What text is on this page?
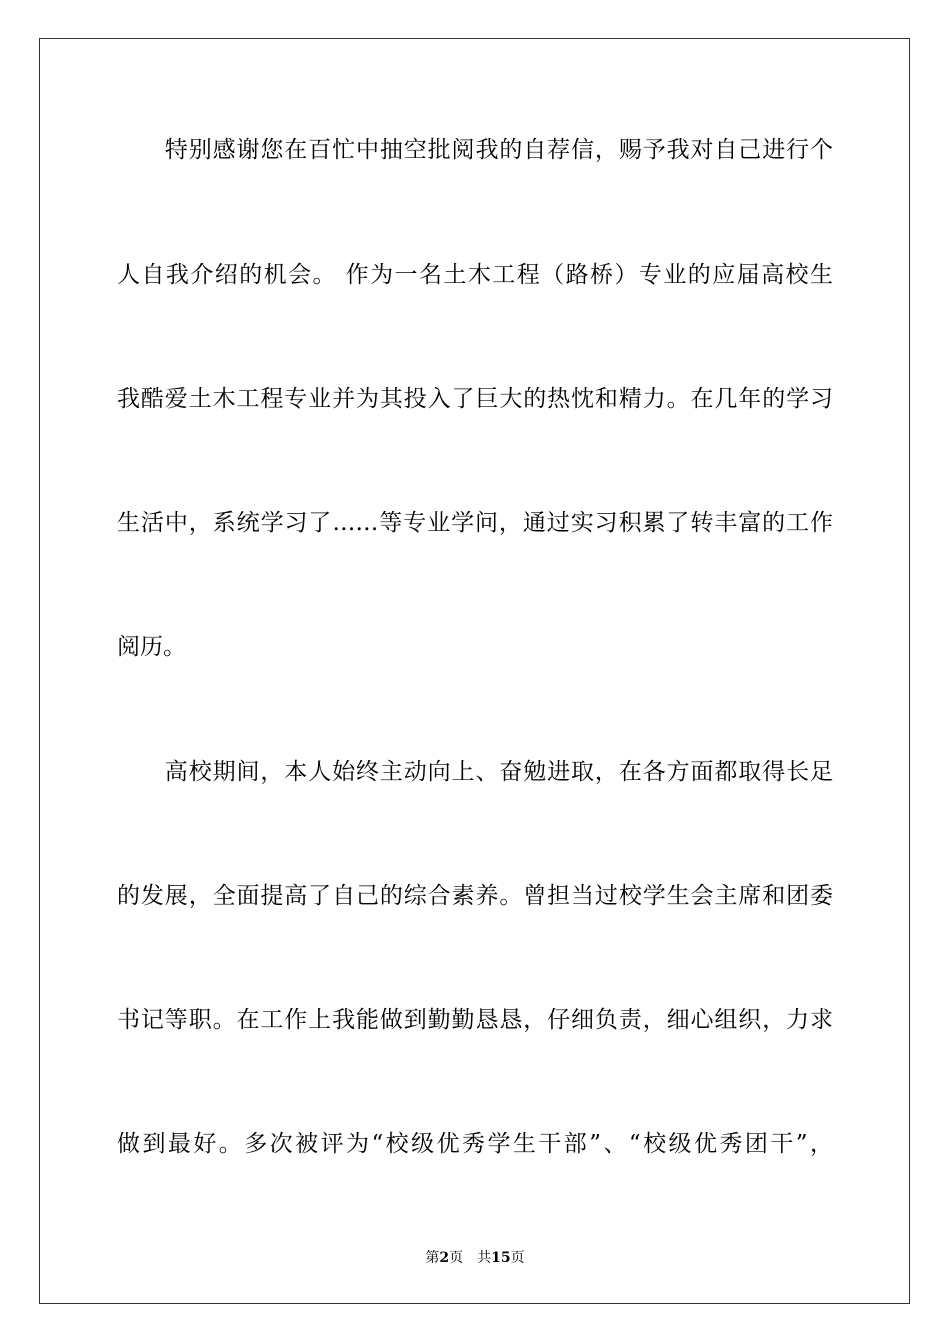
　　特别感谢您在百忙中抽空批阅我的自荐信，赐予我对自己进行个
人自我介绍的机会。 作为一名土木工程（路桥）专业的应届高校生
我酷爱土木工程专业并为其投入了巨大的热忱和精力。在几年的学习
生活中，系统学习了……等专业学问，通过实习积累了转丰富的工作
阅历。
　　高校期间，本人始终主动向上、奋勉进取，在各方面都取得长足
的发展，全面提高了自己的综合素养。曾担当过校学生会主席和团委
书记等职。在工作上我能做到勤勤恳恳，仔细负责，细心组织，力求
做到最好。多次被评为“校级优秀学生干部”、“校级优秀团干”，
第2页　共15页
